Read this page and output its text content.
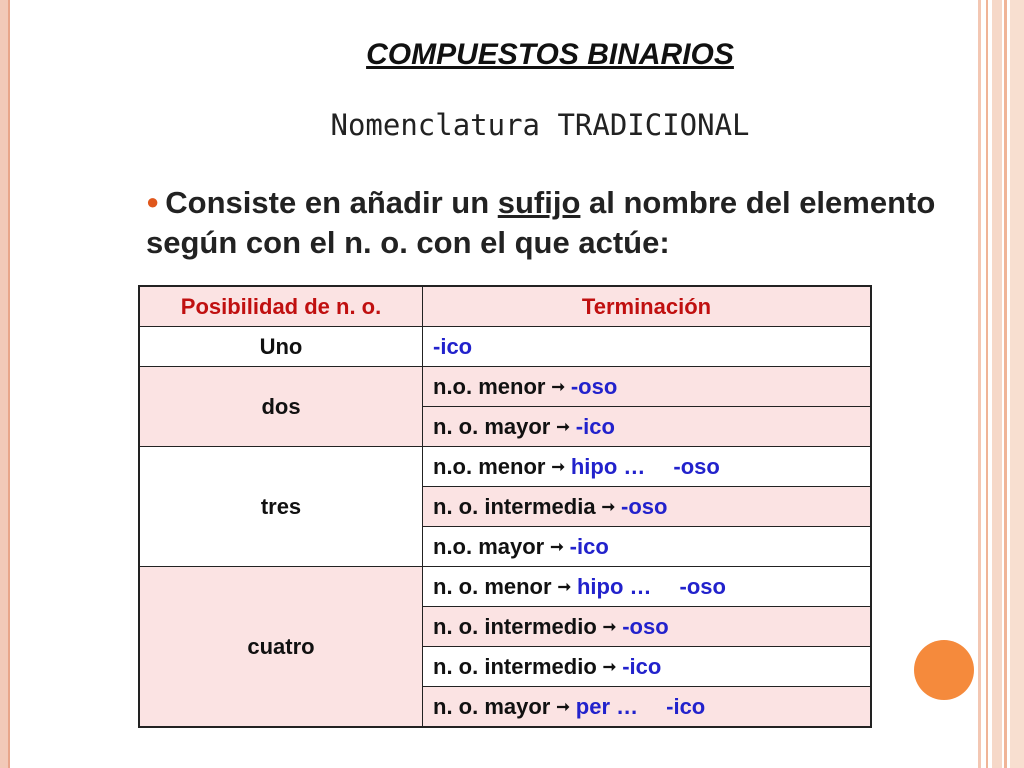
COMPUESTOS BINARIOS
Nomenclatura TRADICIONAL
● Consiste en añadir un sufijo al nombre del elemento según con el n. o. con el que actúe:
Posibilidad de n. o.	Terminación
Uno	-ico
dos	n.o. menor ➞ -oso
	n. o. mayor ➞ -ico
tres	n.o. menor ➞ hipo … -oso
	n. o. intermedia ➞ -oso
	n.o. mayor ➞ -ico
cuatro	n. o. menor ➞ hipo … -oso
	n. o. intermedio ➞ -oso
	n. o. intermedio ➞ -ico
	n. o. mayor ➞ per … -ico
